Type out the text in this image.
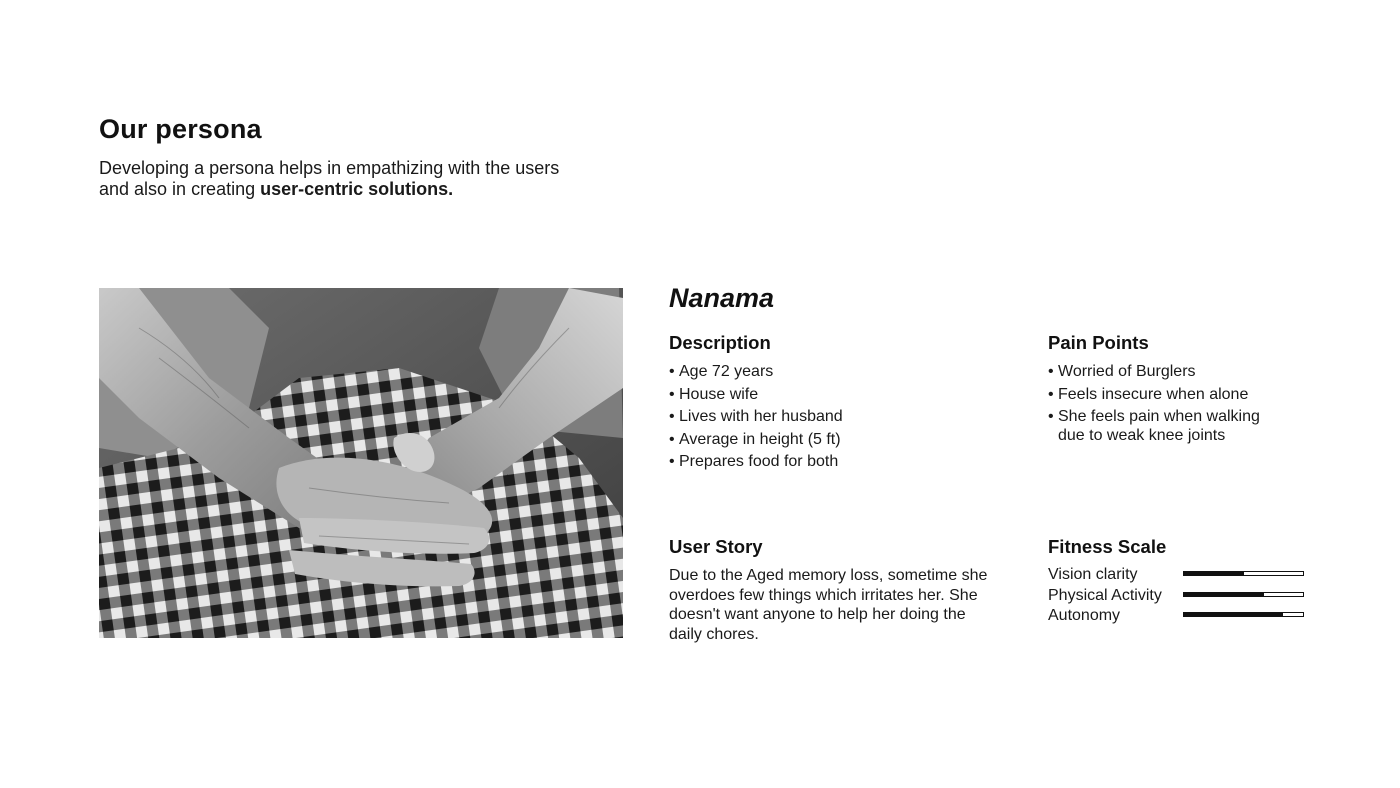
Our persona
Developing a persona helps in empathizing with the users
and also in creating user-centric solutions.
Nanama
Description
• Age 72 years
• House wife
• Lives with her husband
• Average in height (5 ft)
• Prepares food for both
Pain Points
• Worried of Burglers
• Feels insecure when alone
• She feels pain when walking due to weak knee joints
User Story

Due to the Aged memory loss, sometime she overdoes few things which irritates her. She doesn't want anyone to help her doing the daily chores.

Fitness Scale
Vision clarity
Physical Activity
Autonomy
